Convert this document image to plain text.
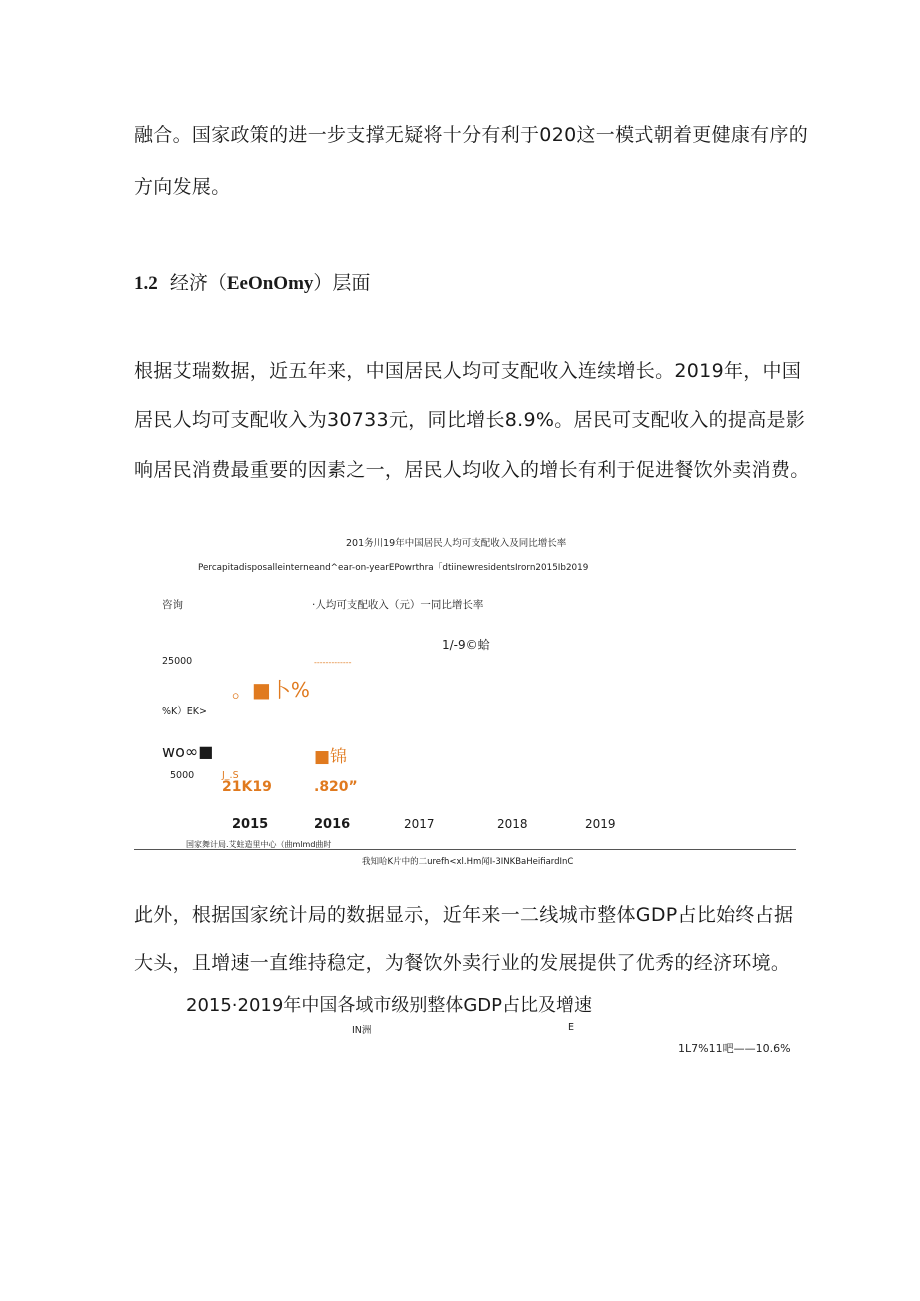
融合。国家政策的进一步支撑无疑将十分有利于020这一模式朝着更健康有序的
方向发展。
1.2 经济（EeOnOmy）层面
根据艾瑞数据，近五年来，中国居民人均可支配收入连续增长。2019年，中国
居民人均可支配收入为30733元，同比增长8.9%。居民可支配收入的提高是影
响居民消费最重要的因素之一，居民人均收入的增长有利于促进餐饮外卖消费。
201务川19年中国居民人均可支配收入及同比增长率
Percapitadisposalleinterneand^ear-on-yearEPowrthra「dtiinewresidentsIrorn2015Ib2019
咨询	·人均可支配收入（元）一同比增长率
1/-9©蛤
25000	-------------
。■卜%
%K）EK>
wo∞■	■锦
5000	J_.S
21K19	.820”
2015	2016	2017	2018	2019
国家舞计局.艾蛀造里中心（曲mlmd曲时
我知哈K片中的二urefh<xl.Hm闻I-3INKBaHeifiardInC
此外，根据国家统计局的数据显示，近年来一二线城市整体GDP占比始终占据
大头，且增速一直维持稳定，为餐饮外卖行业的发展提供了优秀的经济环境。
2015·2019年中国各域市级别整体GDP占比及增速
IN洲	E
1L7%11吧——10.6%
